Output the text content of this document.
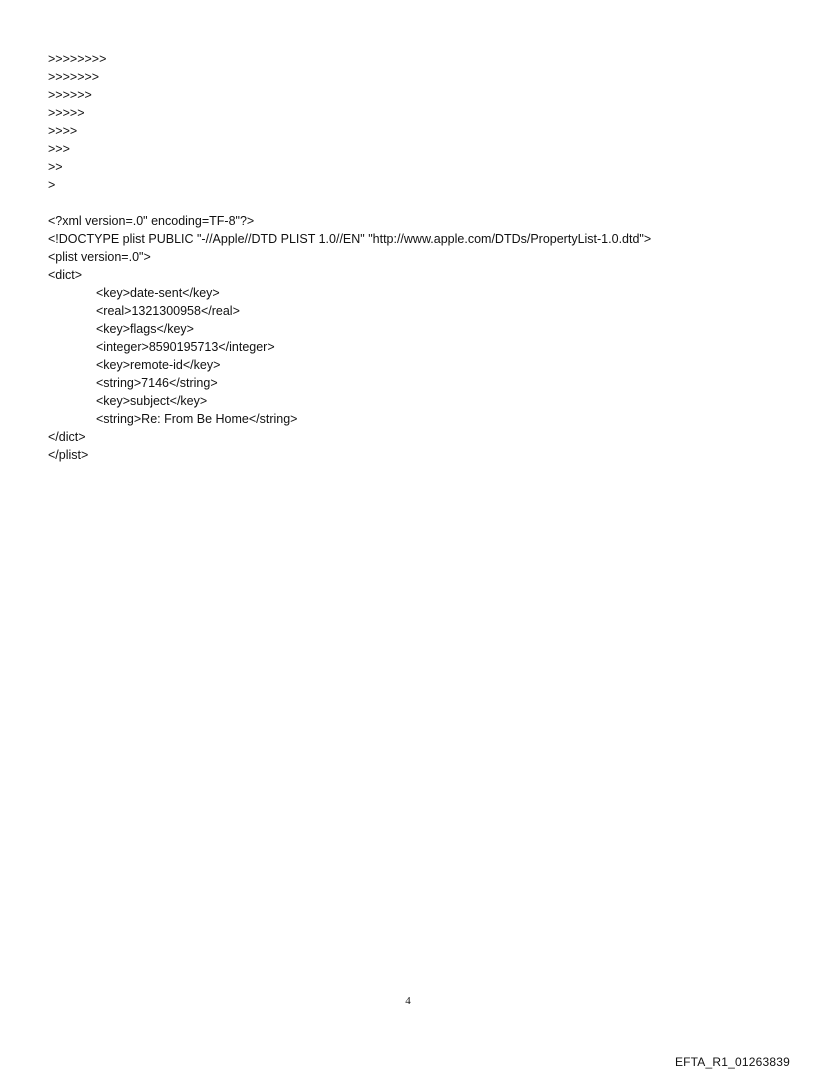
>>>>>>>>
>>>>>>>
>>>>>>
>>>>>
>>>>
>>>
>>
>
<?xml version=.0" encoding=TF-8"?>
<!DOCTYPE plist PUBLIC "-//Apple//DTD PLIST 1.0//EN" "http://www.apple.com/DTDs/PropertyList-1.0.dtd">
<plist version=.0">
<dict>
<key>date-sent</key>
<real>1321300958</real>
<key>flags</key>
<integer>8590195713</integer>
<key>remote-id</key>
<string>7146</string>
<key>subject</key>
<string>Re: From Be Home</string>
</dict>
</plist>
4
EFTA_R1_01263839
